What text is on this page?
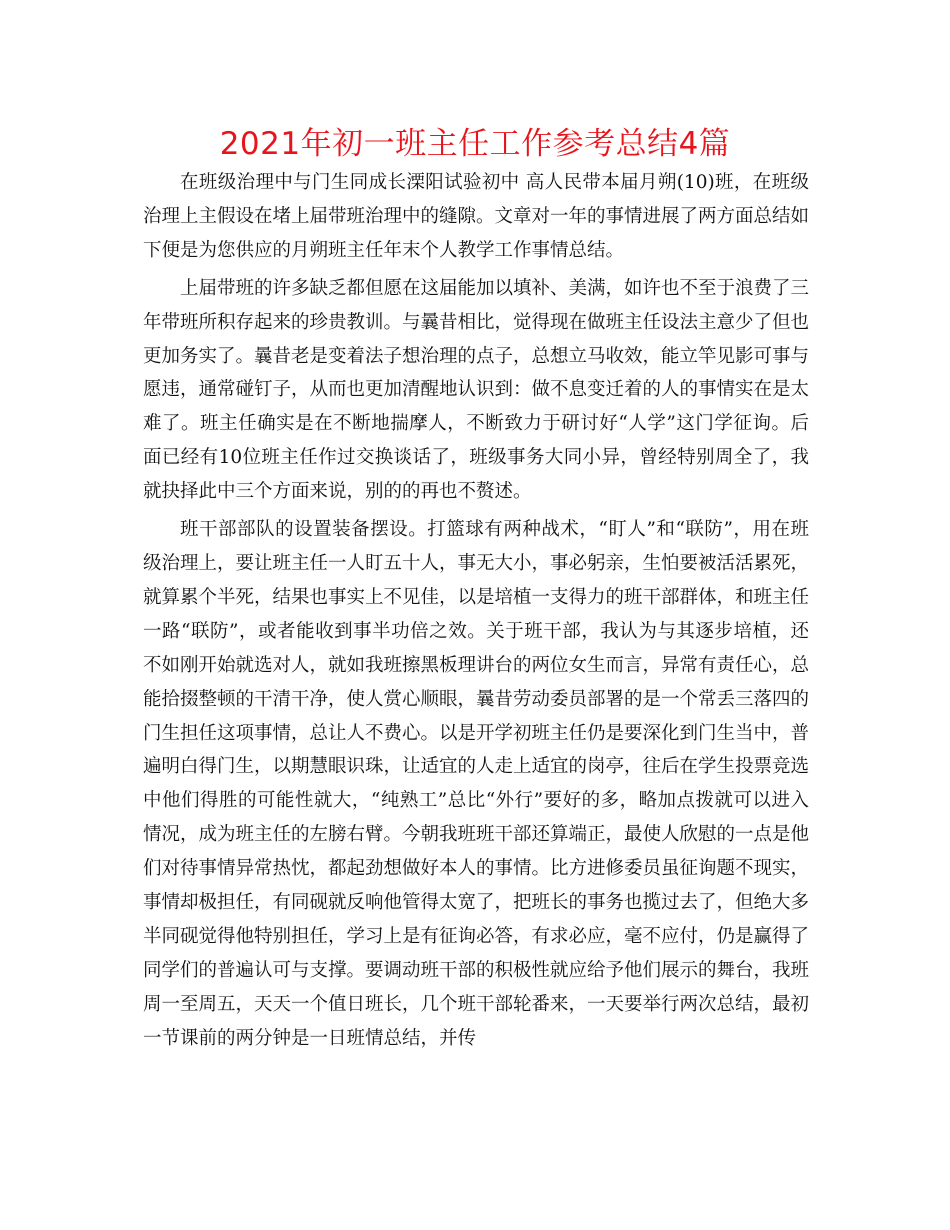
2021年初一班主任工作参考总结4篇

在班级治理中与门生同成长溧阳试验初中 高人民带本届月朔(10)班，在班级治理上主假设在堵上届带班治理中的缝隙。文章对一年的事情进展了两方面总结如下便是为您供应的月朔班主任年末个人教学工作事情总结。

上届带班的许多缺乏都但愿在这届能加以填补、美满，如许也不至于浪费了三年带班所积存起来的珍贵教训。与曩昔相比，觉得现在做班主任设法主意少了但也更加务实了。曩昔老是变着法子想治理的点子，总想立马收效，能立竿见影可事与愿违，通常碰钉子，从而也更加清醒地认识到：做不息变迁着的人的事情实在是太难了。班主任确实是在不断地揣摩人，不断致力于研讨好“人学”这门学征询。后面已经有10位班主任作过交换谈话了，班级事务大同小异，曾经特别周全了，我就抉择此中三个方面来说，别的的再也不赘述。

班干部部队的设置装备摆设。打篮球有两种战术，“盯人”和“联防”，用在班级治理上，要让班主任一人盯五十人，事无大小，事必躬亲，生怕要被活活累死，就算累个半死，结果也事实上不见佳，以是培植一支得力的班干部群体，和班主任一路“联防”，或者能收到事半功倍之效。关于班干部，我认为与其逐步培植，还不如刚开始就选对人，就如我班擦黑板理讲台的两位女生而言，异常有责任心，总能拾掇整顿的干清干净，使人赏心顺眼，曩昔劳动委员部署的是一个常丢三落四的门生担任这项事情，总让人不费心。以是开学初班主任仍是要深化到门生当中，普遍明白得门生，以期慧眼识珠，让适宜的人走上适宜的岗亭，往后在学生投票竞选中他们得胜的可能性就大，“纯熟工”总比“外行”要好的多，略加点拨就可以进入情况，成为班主任的左膀右臂。今朝我班班干部还算端正，最使人欣慰的一点是他们对待事情异常热忱，都起劲想做好本人的事情。比方进修委员虽征询题不现实，事情却极担任，有同砚就反响他管得太宽了，把班长的事务也揽过去了，但绝大多半同砚觉得他特别担任，学习上是有征询必答，有求必应，毫不应付，仍是赢得了同学们的普遍认可与支撑。要调动班干部的积极性就应给予他们展示的舞台，我班周一至周五，天天一个值日班长，几个班干部轮番来，一天要举行两次总结，最初一节课前的两分钟是一日班情总结，并传
